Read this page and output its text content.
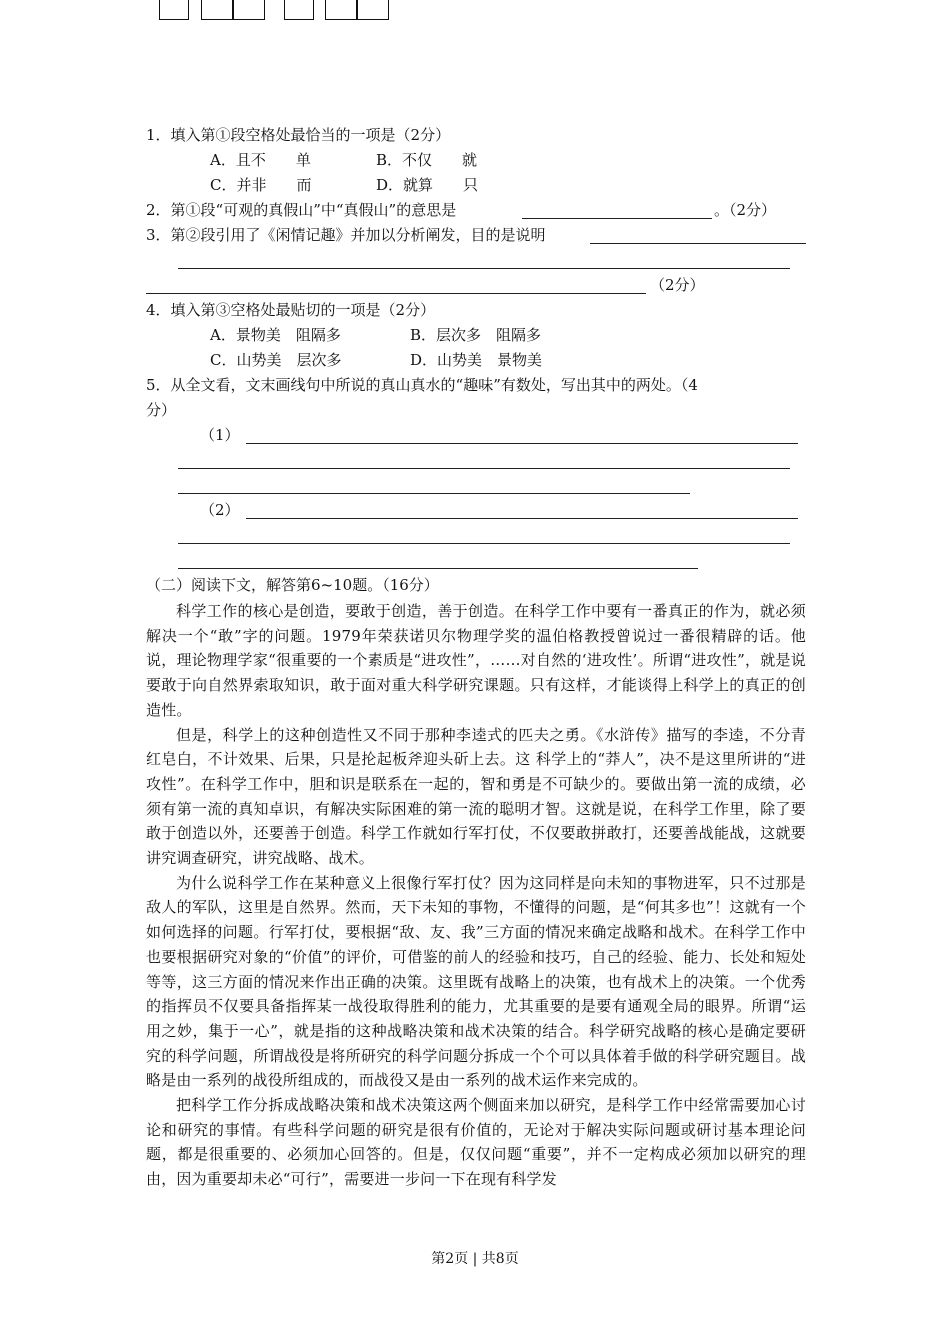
1．填入第①段空格处最恰当的一项是（2分）
A．且不　　单	B．不仅　　就
C．并非　　而	D．就算　　只
2．第①段“可观的真假山”中“真假山”的意思是	。（2分）
3．第②段引用了《闲情记趣》并加以分析阐发，目的是说明
（2分）
4．填入第③空格处最贴切的一项是（2分）
A．景物美　阻隔多	B．层次多　阻隔多
C．山势美　层次多	D．山势美　景物美
5．从全文看，文末画线句中所说的真山真水的“趣味”有数处，写出其中的两处。（4
分）
（1）
（2）
（二）阅读下文，解答第6~10题。（16分）

科学工作的核心是创造，要敢于创造，善于创造。在科学工作中要有一番真正的作为，就必须解决一个“敢”字的问题。1979年荣获诺贝尔物理学奖的温伯格教授曾说过一番很精辟的话。他说，理论物理学家“很重要的一个素质是“进攻性”，……对自然的‘进攻性’。所谓“进攻性”，就是说要敢于向自然界索取知识，敢于面对重大科学研究课题。只有这样，才能谈得上科学上的真正的创造性。

但是，科学上的这种创造性又不同于那种李逵式的匹夫之勇。《水浒传》描写的李逵，不分青红皂白，不计效果、后果，只是抡起板斧迎头斫上去。这 科学上的“莽人”，决不是这里所讲的“进攻性”。在科学工作中，胆和识是联系在一起的，智和勇是不可缺少的。要做出第一流的成绩，必须有第一流的真知卓识，有解决实际困难的第一流的聪明才智。这就是说，在科学工作里，除了要敢于创造以外，还要善于创造。科学工作就如行军打仗，不仅要敢拼敢打，还要善战能战，这就要讲究调查研究，讲究战略、战术。

为什么说科学工作在某种意义上很像行军打仗？因为这同样是向未知的事物进军，只不过那是敌人的军队，这里是自然界。然而，天下未知的事物，不懂得的问题，是“何其多也”！这就有一个如何选择的问题。行军打仗，要根据“敌、友、我”三方面的情况来确定战略和战术。在科学工作中也要根据研究对象的“价值”的评价，可借鉴的前人的经验和技巧，自己的经验、能力、长处和短处等等，这三方面的情况来作出正确的决策。这里既有战略上的决策，也有战术上的决策。一个优秀的指挥员不仅要具备指挥某一战役取得胜利的能力，尤其重要的是要有通观全局的眼界。所谓“运用之妙，集于一心”，就是指的这种战略决策和战术决策的结合。科学研究战略的核心是确定要研究的科学问题，所谓战役是将所研究的科学问题分拆成一个个可以具体着手做的科学研究题目。战略是由一系列的战役所组成的，而战役又是由一系列的战术运作来完成的。

把科学工作分拆成战略决策和战术决策这两个侧面来加以研究，是科学工作中经常需要加心讨论和研究的事情。有些科学问题的研究是很有价值的，无论对于解决实际问题或研讨基本理论问题，都是很重要的、必须加心回答的。但是，仅仅问题“重要”，并不一定构成必须加以研究的理由，因为重要却未必“可行”，需要进一步问一下在现有科学发

第2页 | 共8页
